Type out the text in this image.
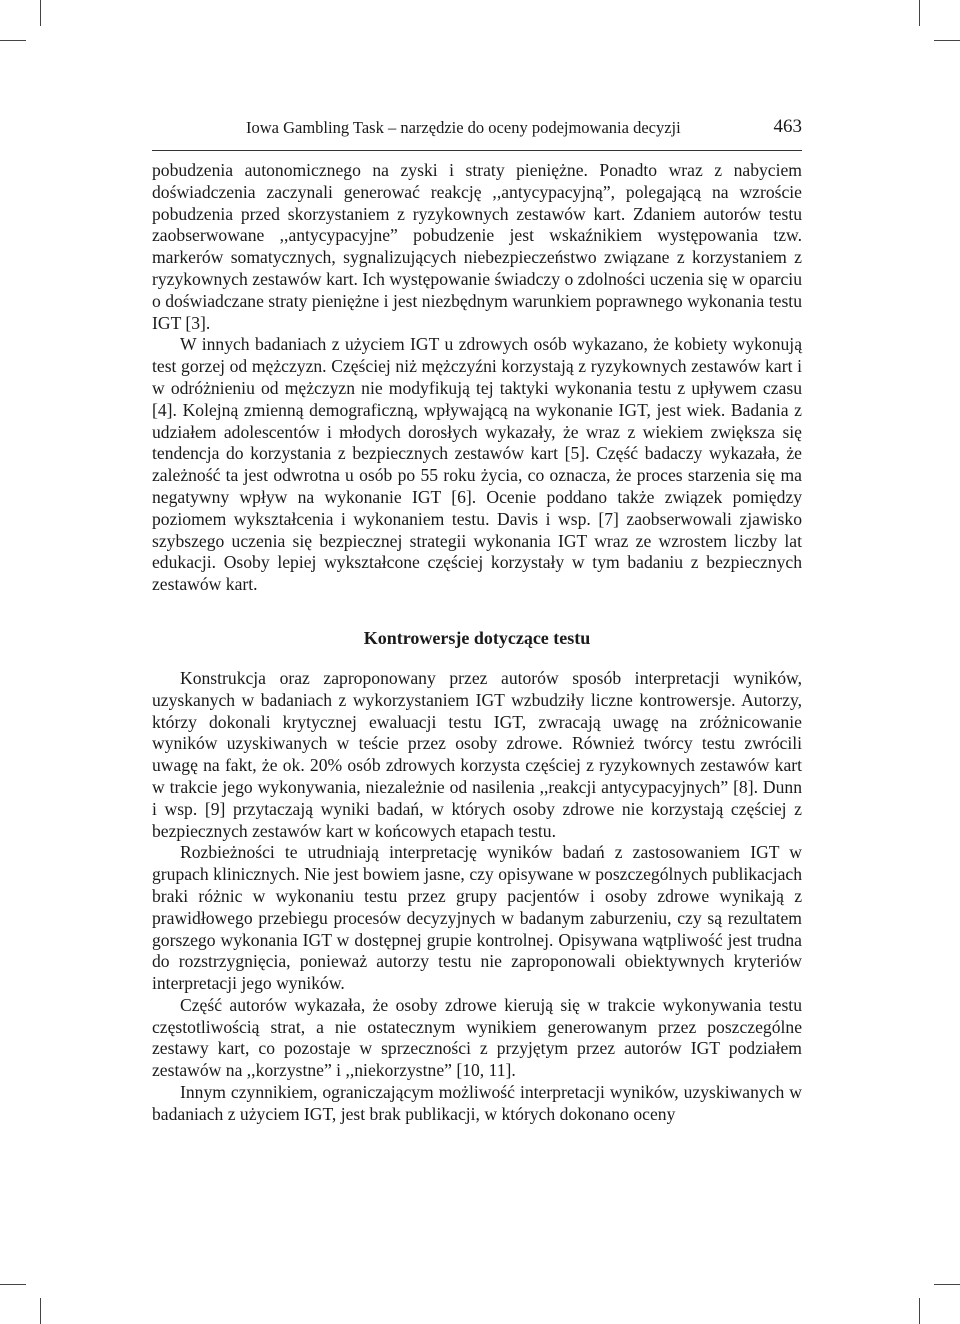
Iowa Gambling Task – narzędzie do oceny podejmowania decyzji	463

pobudzenia autonomicznego na zyski i straty pieniężne. Ponadto wraz z nabyciem doświadczenia zaczynali generować reakcję ,,antycypacyjną”, polegającą na wzroście pobudzenia przed skorzystaniem z ryzykownych zestawów kart. Zdaniem autorów testu zaobserwowane ,,antycypacyjne” pobudzenie jest wskaźnikiem występowania tzw. markerów somatycznych, sygnalizujących niebezpieczeństwo związane z korzystaniem z ryzykownych zestawów kart. Ich występowanie świadczy o zdolności uczenia się w oparciu o doświadczane straty pieniężne i jest niezbędnym warunkiem poprawnego wykonania testu IGT [3].

W innych badaniach z użyciem IGT u zdrowych osób wykazano, że kobiety wykonują test gorzej od mężczyzn. Częściej niż mężczyźni korzystają z ryzykownych zestawów kart i w odróżnieniu od mężczyzn nie modyfikują tej taktyki wykonania testu z upływem czasu [4]. Kolejną zmienną demograficzną, wpływającą na wykonanie IGT, jest wiek. Badania z udziałem adolescentów i młodych dorosłych wykazały, że wraz z wiekiem zwiększa się tendencja do korzystania z bezpiecznych zestawów kart [5]. Część badaczy wykazała, że zależność ta jest odwrotna u osób po 55 roku życia, co oznacza, że proces starzenia się ma negatywny wpływ na wykonanie IGT [6]. Ocenie poddano także związek pomiędzy poziomem wykształcenia i wykonaniem testu. Davis i wsp. [7] zaobserwowali zjawisko szybszego uczenia się bezpiecznej strategii wykonania IGT wraz ze wzrostem liczby lat edukacji. Osoby lepiej wykształcone częściej korzystały w tym badaniu z bezpiecznych zestawów kart.

Kontrowersje dotyczące testu

Konstrukcja oraz zaproponowany przez autorów sposób interpretacji wyników, uzyskanych w badaniach z wykorzystaniem IGT wzbudziły liczne kontrowersje. Autorzy, którzy dokonali krytycznej ewaluacji testu IGT, zwracają uwagę na zróżnicowanie wyników uzyskiwanych w teście przez osoby zdrowe. Również twórcy testu zwrócili uwagę na fakt, że ok. 20% osób zdrowych korzysta częściej z ryzykownych zestawów kart w trakcie jego wykonywania, niezależnie od nasilenia ,,reakcji antycypacyjnych” [8]. Dunn i wsp. [9] przytaczają wyniki badań, w których osoby zdrowe nie korzystają częściej z bezpiecznych zestawów kart w końcowych etapach testu.

Rozbieżności te utrudniają interpretację wyników badań z zastosowaniem IGT w grupach klinicznych. Nie jest bowiem jasne, czy opisywane w poszczególnych publikacjach braki różnic w wykonaniu testu przez grupy pacjentów i osoby zdrowe wynikają z prawidłowego przebiegu procesów decyzyjnych w badanym zaburzeniu, czy są rezultatem gorszego wykonania IGT w dostępnej grupie kontrolnej. Opisywana wątpliwość jest trudna do rozstrzygnięcia, ponieważ autorzy testu nie zaproponowali obiektywnych kryteriów interpretacji jego wyników.

Część autorów wykazała, że osoby zdrowe kierują się w trakcie wykonywania testu częstotliwością strat, a nie ostatecznym wynikiem generowanym przez poszczególne zestawy kart, co pozostaje w sprzeczności z przyjętym przez autorów IGT podziałem zestawów na ,,korzystne” i ,,niekorzystne” [10, 11].

Innym czynnikiem, ograniczającym możliwość interpretacji wyników, uzyskiwanych w badaniach z użyciem IGT, jest brak publikacji, w których dokonano oceny
